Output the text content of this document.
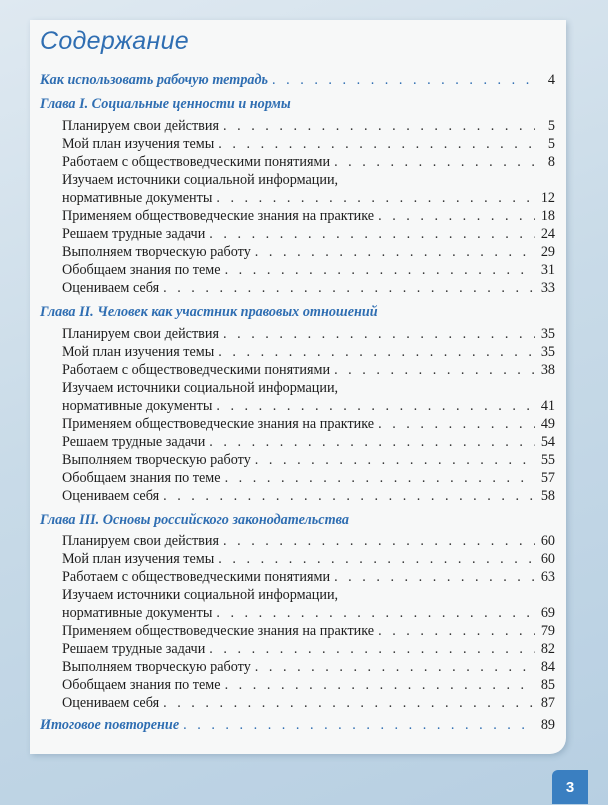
Содержание
Как использовать рабочую тетрадь . . .	4
Глава I. Социальные ценности и нормы
Планируем свои действия . . .	5
Мой план изучения темы . . .	5
Работаем с обществоведческими понятиями . . .	8
Изучаем источники социальной информации,
нормативные документы . . .	12
Применяем обществоведческие знания на практике . . .	18
Решаем трудные задачи . . .	24
Выполняем творческую работу . . .	29
Обобщаем знания по теме . . .	31
Оцениваем себя . . .	33
Глава II. Человек как участник правовых отношений
Планируем свои действия . . .	35
Мой план изучения темы . . .	35
Работаем с обществоведческими понятиями . . .	38
Изучаем источники социальной информации,
нормативные документы . . .	41
Применяем обществоведческие знания на практике . . .	49
Решаем трудные задачи . . .	54
Выполняем творческую работу . . .	55
Обобщаем знания по теме . . .	57
Оцениваем себя . . .	58
Глава III. Основы российского законодательства
Планируем свои действия . . .	60
Мой план изучения темы . . .	60
Работаем с обществоведческими понятиями . . .	63
Изучаем источники социальной информации,
нормативные документы . . .	69
Применяем обществоведческие знания на практике . . .	79
Решаем трудные задачи . . .	82
Выполняем творческую работу . . .	84
Обобщаем знания по теме . . .	85
Оцениваем себя . . .	87
Итоговое повторение . . .	89
3
